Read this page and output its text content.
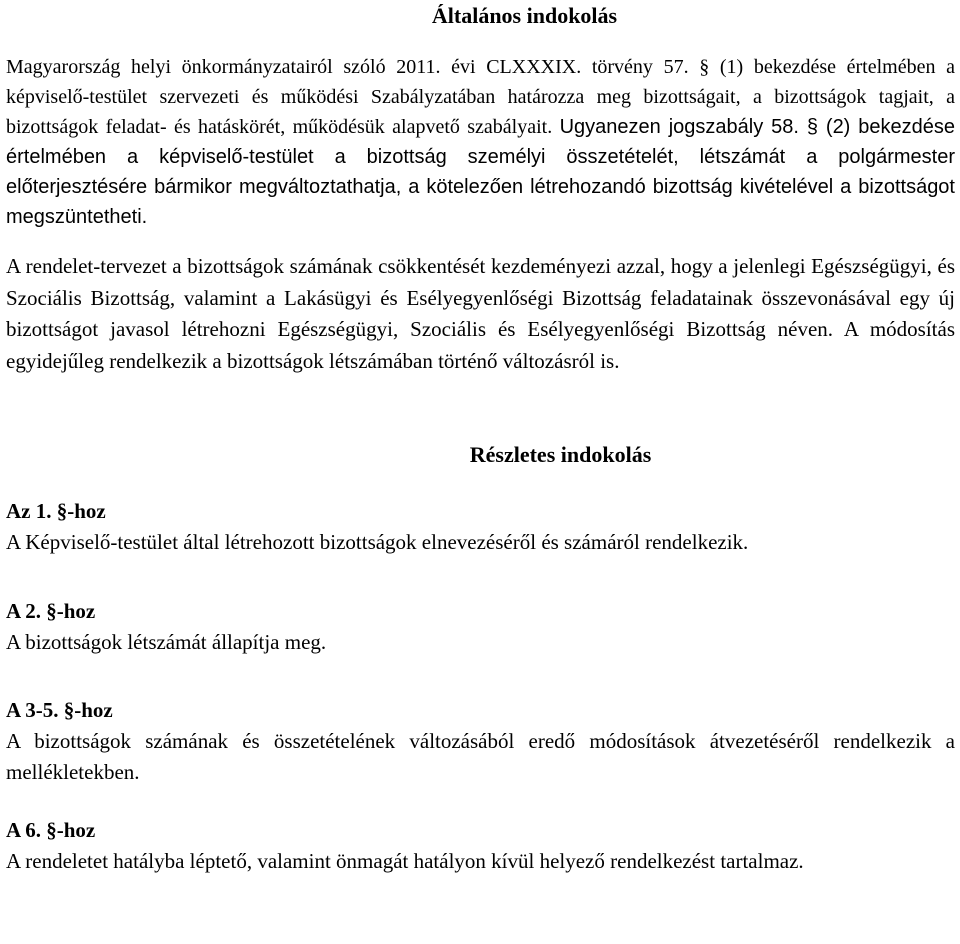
Általános indokolás

Magyarország helyi önkormányzatairól szóló 2011. évi CLXXXIX. törvény 57. § (1) bekezdése értelmében a képviselő-testület szervezeti és működési Szabályzatában határozza meg bizottságait, a bizottságok tagjait, a bizottságok feladat- és hatáskörét, működésük alapvető szabályait. Ugyanezen jogszabály 58. § (2) bekezdése értelmében a képviselő-testület a bizottság személyi összetételét, létszámát a polgármester előterjesztésére bármikor megváltoztathatja, a kötelezően létrehozandó bizottság kivételével a bizottságot megszüntetheti.

A rendelet-tervezet a bizottságok számának csökkentését kezdeményezi azzal, hogy a jelenlegi Egészségügyi, és Szociális Bizottság, valamint a Lakásügyi és Esélyegyenlőségi Bizottság feladatainak összevonásával egy új bizottságot javasol létrehozni Egészségügyi, Szociális és Esélyegyenlőségi Bizottság néven. A módosítás egyidejűleg rendelkezik a bizottságok létszámában történő változásról is.

Részletes indokolás
Az 1. §-hoz
A Képviselő-testület által létrehozott bizottságok elnevezéséről és számáról rendelkezik.
A 2. §-hoz
A bizottságok létszámát állapítja meg.
A 3-5. §-hoz
A bizottságok számának és összetételének változásából eredő módosítások átvezetéséről rendelkezik a mellékletekben.
A 6. §-hoz
A rendeletet hatályba léptető, valamint önmagát hatályon kívül helyező rendelkezést tartalmaz.
